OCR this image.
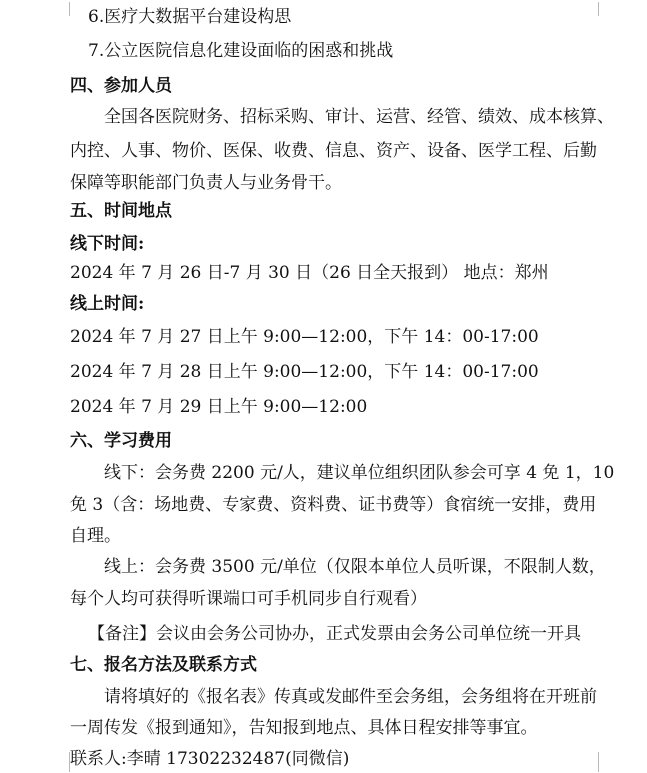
6.医疗大数据平台建设构思
7.公立医院信息化建设面临的困惑和挑战
四、参加人员
全国各医院财务、招标采购、审计、运营、经管、绩效、成本核算、
内控、人事、物价、医保、收费、信息、资产、设备、医学工程、后勤
保障等职能部门负责人与业务骨干。
五、时间地点
线下时间:
2024 年 7 月 26 日-7 月 30 日（26 日全天报到） 地点：郑州
线上时间:
2024 年 7 月 27 日上午 9:00—12:00，下午 14：00-17:00
2024 年 7 月 28 日上午 9:00—12:00，下午 14：00-17:00
2024 年 7 月 29 日上午 9:00—12:00
六、学习费用
线下：会务费 2200 元/人，建议单位组织团队参会可享 4 免 1，10
免 3（含：场地费、专家费、资料费、证书费等）食宿统一安排，费用
自理。
线上：会务费 3500 元/单位（仅限本单位人员听课，不限制人数，
每个人均可获得听课端口可手机同步自行观看）
【备注】会议由会务公司协办，正式发票由会务公司单位统一开具
七、报名方法及联系方式
请将填好的《报名表》传真或发邮件至会务组，会务组将在开班前
一周传发《报到通知》，告知报到地点、具体日程安排等事宜。
联系人:李晴 17302232487(同微信)
